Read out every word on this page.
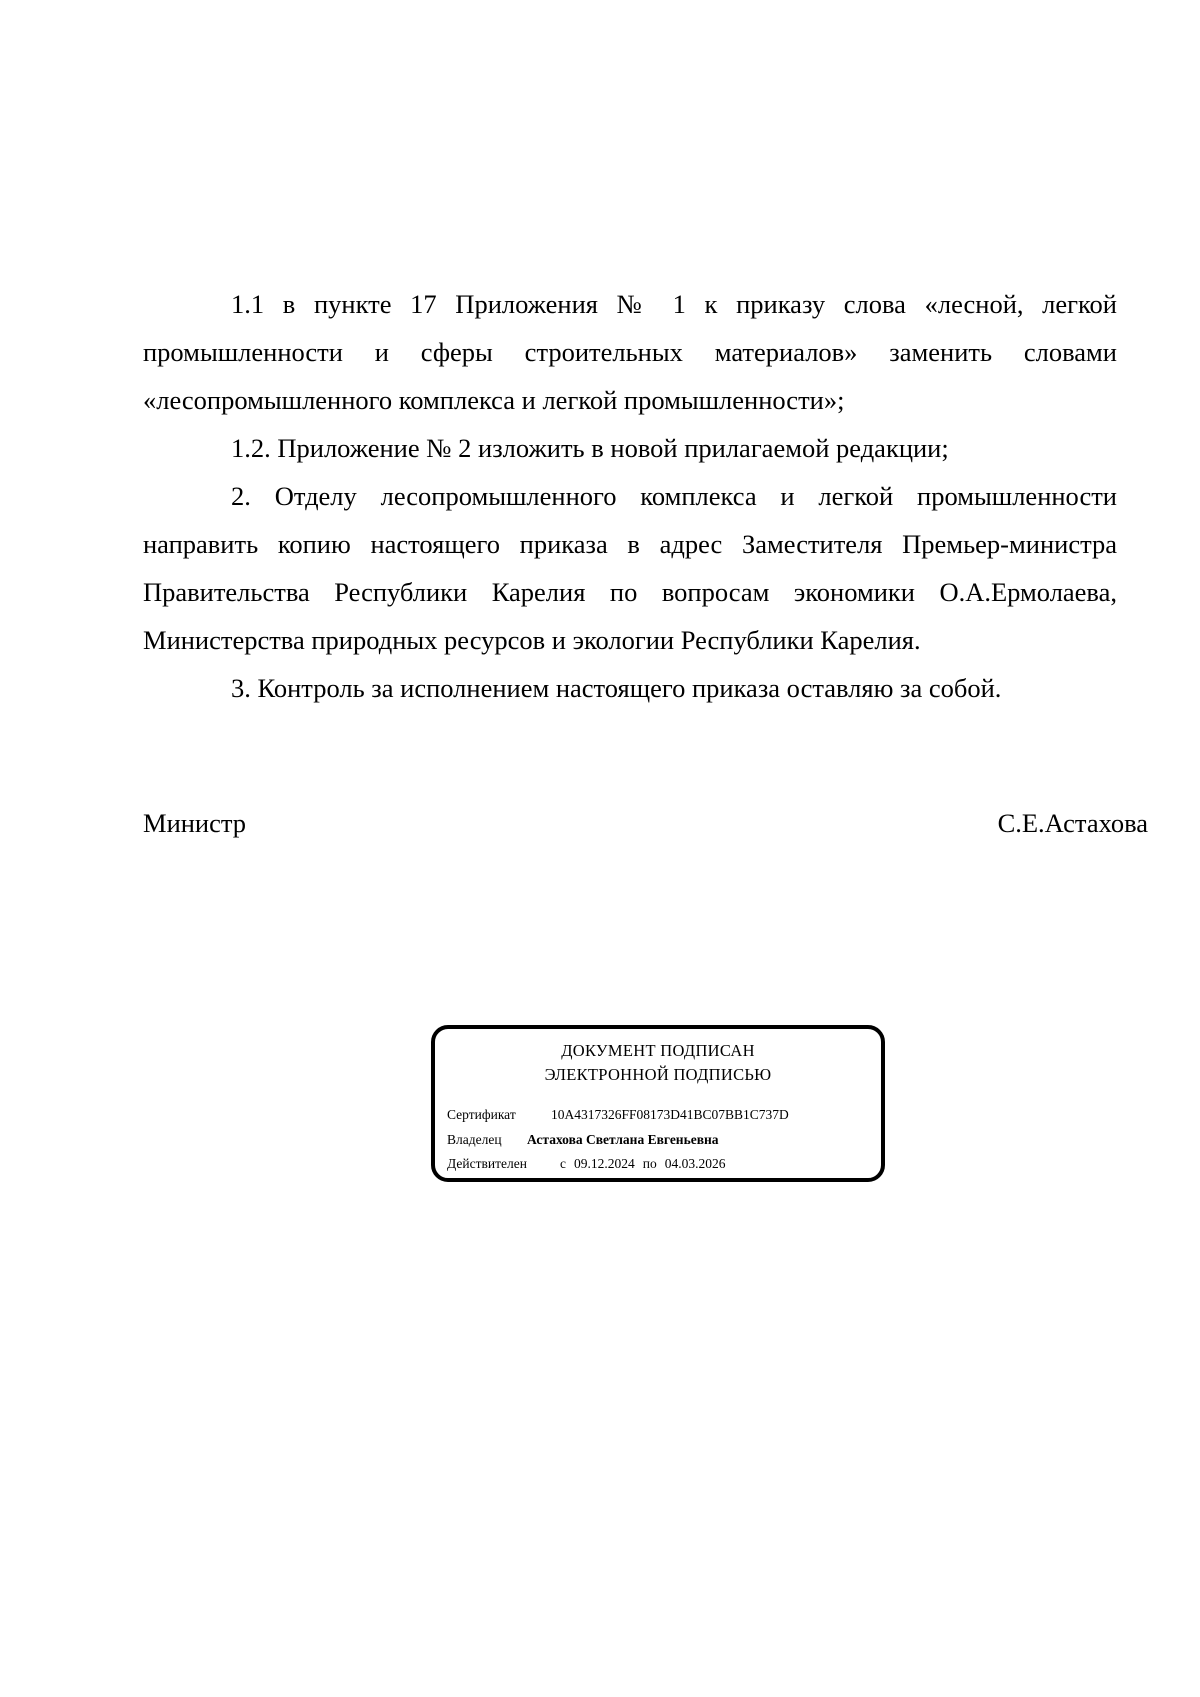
1.1 в пункте 17 Приложения № 1 к приказу слова «лесной, легкой промышленности и сферы строительных материалов» заменить словами «лесопромышленного комплекса и легкой промышленности»;

1.2. Приложение № 2 изложить в новой прилагаемой редакции;

2. Отделу лесопромышленного комплекса и легкой промышленности направить копию настоящего приказа в адрес Заместителя Премьер-министра Правительства Республики Карелия по вопросам экономики О.А.Ермолаева, Министерства природных ресурсов и экологии Республики Карелия.

3. Контроль за исполнением настоящего приказа оставляю за собой.

Министр	С.Е.Астахова
ДОКУМЕНТ ПОДПИСАН
ЭЛЕКТРОННОЙ ПОДПИСЬЮ
Сертификат	10A4317326FF08173D41BC07BB1C737D
Владелец Астахова Светлана Евгеньевна
Действителен с 09.12.2024 по 04.03.2026
